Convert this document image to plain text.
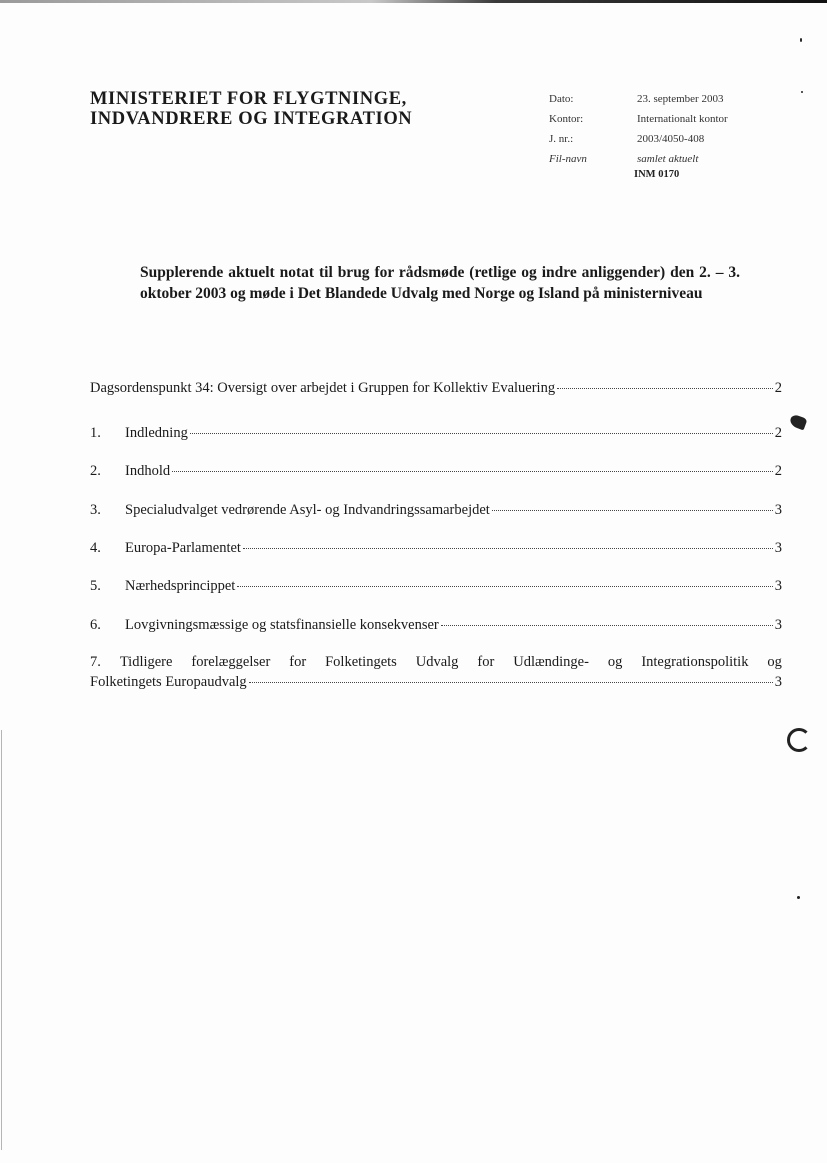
MINISTERIET FOR FLYGTNINGE,
INDVANDRERE OG INTEGRATION
Dato:	23. september 2003
Kontor:	Internationalt kontor
J. nr.:	2003/4050-408
Fil-navn	samlet aktuelt
INM 0170

Supplerende aktuelt notat til brug for rådsmøde (retlige og indre anliggender) den 2. – 3. oktober 2003 og møde i Det Blandede Udvalg med Norge og Island på ministerniveau

Dagsordenspunkt 34: Oversigt over arbejdet i Gruppen for Kollektiv Evaluering	2
1.	Indledning	2
2.	Indhold	2
3.	Specialudvalget vedrørende Asyl- og Indvandringssamarbejdet	3
4.	Europa-Parlamentet	3
5.	Nærhedsprincippet	3
6.	Lovgivningsmæssige og statsfinansielle konsekvenser	3
7. Tidligere forelæggelser for Folketingets Udvalg for Udlændinge- og Integrationspolitik og
Folketingets Europaudvalg	3
